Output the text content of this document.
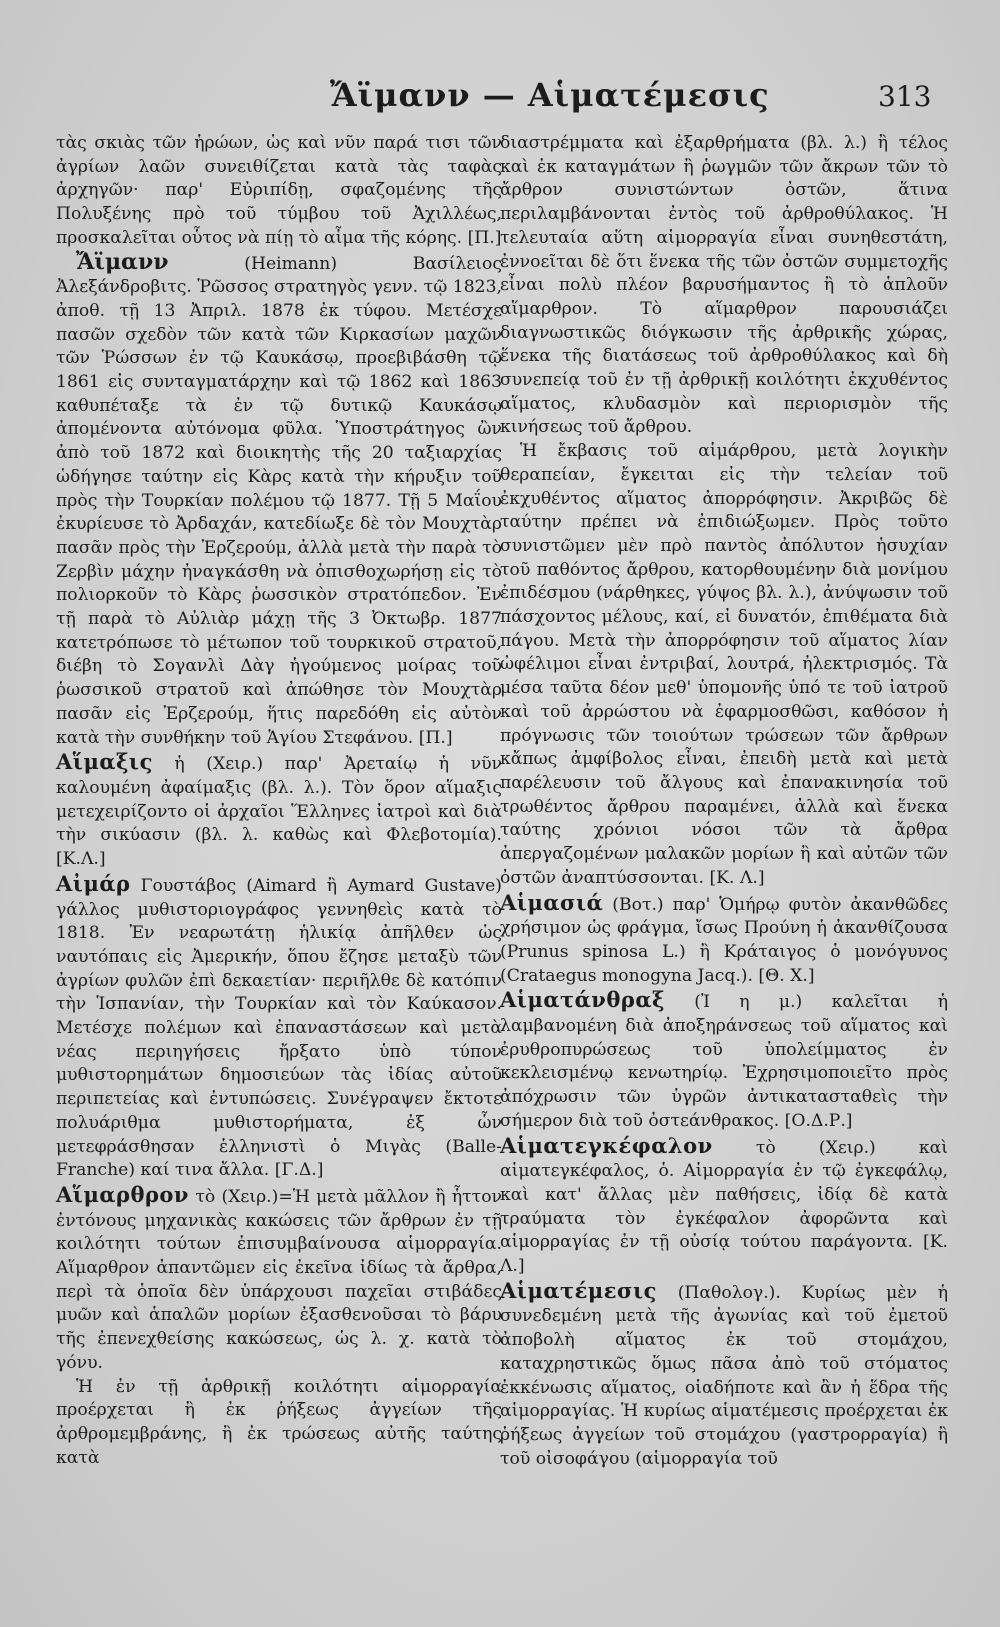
Ἄϊμανν — Αἱματέμεσις	313

τὰς σκιὰς τῶν ἡρώων, ὡς καὶ νῦν παρά τισι τῶν ἀγρίων λαῶν συνειθίζεται κατὰ τὰς ταφὰς ἀρχηγῶν· παρ' Εὐριπίδῃ, σφαζομένης τῆς Πολυξένης πρὸ τοῦ τύμβου τοῦ Ἀχιλλέως, προσκαλεῖται οὗτος νὰ πίῃ τὸ αἷμα τῆς κόρης. [Π.]

Ἄϊμανν (Heimann) Βασίλειος Ἀλεξάνδροβιτς. Ῥῶσσος στρατηγὸς γενν. τῷ 1823, ἀποθ. τῇ 13 Ἀπριλ. 1878 ἐκ τύφου. Μετέσχε πασῶν σχεδὸν τῶν κατὰ τῶν Κιρκασίων μαχῶν τῶν Ῥώσσων ἐν τῷ Καυκάσῳ, προεβιβάσθη τῷ 1861 εἰς συνταγματάρχην καὶ τῷ 1862 καὶ 1863 καθυπέταξε τὰ ἐν τῷ δυτικῷ Καυκάσῳ ἀπομένοντα αὐτόνομα φῦλα. Ὑποστράτηγος ὢν ἀπὸ τοῦ 1872 καὶ διοικητὴς τῆς 20 ταξιαρχίας ὡδήγησε ταύτην εἰς Κὰρς κατὰ τὴν κήρυξιν τοῦ πρὸς τὴν Τουρκίαν πολέμου τῷ 1877. Τῇ 5 Μαΐου ἐκυρίευσε τὸ Ἀρδαχάν, κατεδίωξε δὲ τὸν Μουχτὰρ πασᾶν πρὸς τὴν Ἐρζερούμ, ἀλλὰ μετὰ τὴν παρὰ τὸ Ζερβὶν μάχην ἠναγκάσθη νὰ ὀπισθοχωρήσῃ εἰς τὸ πολιορκοῦν τὸ Κὰρς ῥωσσικὸν στρατόπεδον. Ἐν τῇ παρὰ τὸ Αὐλιὰρ μάχῃ τῆς 3 Ὀκτωβρ. 1877 κατετρόπωσε τὸ μέτωπον τοῦ τουρκικοῦ στρατοῦ, διέβη τὸ Σογανλὶ Δὰγ ἡγούμενος μοίρας τοῦ ῥωσσικοῦ στρατοῦ καὶ ἀπώθησε τὸν Μουχτὰρ πασᾶν εἰς Ἐρζερούμ, ἥτις παρεδόθη εἰς αὐτὸν κατὰ τὴν συνθήκην τοῦ Ἁγίου Στεφάνου. [Π.]

Αἵμαξις ἡ (Χειρ.) παρ' Ἀρεταίῳ ἡ νῦν καλουμένη ἀφαίμαξις (βλ. λ.). Τὸν ὅρον αἵμαξις μετεχειρίζοντο οἱ ἀρχαῖοι Ἕλληνες ἰατροὶ καὶ διὰ τὴν σικύασιν (βλ. λ. καθὼς καὶ Φλεβοτομία). [Κ.Λ.]

Αἰμάρ Γουστάβος (Aimard ἢ Aymard Gustave) γάλλος μυθιστοριογράφος γεννηθεὶς κατὰ τὸ 1818. Ἐν νεαρωτάτῃ ἡλικίᾳ ἀπῆλθεν ὡς ναυτόπαις εἰς Ἀμερικήν, ὅπου ἔζησε μεταξὺ τῶν ἀγρίων φυλῶν ἐπὶ δεκαετίαν· περιῆλθε δὲ κατόπιν τὴν Ἱσπανίαν, τὴν Τουρκίαν καὶ τὸν Καύκασον. Μετέσχε πολέμων καὶ ἐπαναστάσεων καὶ μετὰ νέας περιηγήσεις ἤρξατο ὑπὸ τύπον μυθιστορημάτων δημοσιεύων τὰς ἰδίας αὐτοῦ περιπετείας καὶ ἐντυπώσεις. Συνέγραψεν ἔκτοτε πολυάριθμα μυθιστορήματα, ἐξ ὧν μετεφράσθησαν ἑλληνιστὶ ὁ Μιγὰς (Balle-Franche) καί τινα ἄλλα. [Γ.Δ.]

Αἵμαρθρον τὸ (Χειρ.)=Ἡ μετὰ μᾶλλον ἢ ἧττον ἐντόνους μηχανικὰς κακώσεις τῶν ἄρθρων ἐν τῇ κοιλότητι τούτων ἐπισυμβαίνουσα αἱμορραγία. Αἵμαρθρον ἀπαντῶμεν εἰς ἐκεῖνα ἰδίως τὰ ἄρθρα, περὶ τὰ ὁποῖα δὲν ὑπάρχουσι παχεῖαι στιβάδες μυῶν καὶ ἁπαλῶν μορίων ἐξασθενοῦσαι τὸ βάρυ τῆς ἐπενεχθείσης κακώσεως, ὡς λ. χ. κατὰ τὸ γόνυ.

Ἡ ἐν τῇ ἀρθρικῇ κοιλότητι αἱμορραγία προέρχεται ἢ ἐκ ῥήξεως ἀγγείων τῆς ἀρθρομεμβράνης, ἢ ἐκ τρώσεως αὐτῆς ταύτης κατὰ

διαστρέμματα καὶ ἐξαρθρήματα (βλ. λ.) ἢ τέλος καὶ ἐκ καταγμάτων ἢ ῥωγμῶν τῶν ἄκρων τῶν τὸ ἄρθρον συνιστώντων ὀστῶν, ἅτινα περιλαμβάνονται ἐντὸς τοῦ ἀρθροθύλακος. Ἡ τελευταία αὕτη αἱμορραγία εἶναι συνηθεστάτη, ἐννοεῖται δὲ ὅτι ἕνεκα τῆς τῶν ὀστῶν συμμετοχῆς εἶναι πολὺ πλέον βαρυσήμαντος ἢ τὸ ἁπλοῦν αἵμαρθρον. Τὸ αἵμαρθρον παρουσιάζει διαγνωστικῶς διόγκωσιν τῆς ἀρθρικῆς χώρας, ἕνεκα τῆς διατάσεως τοῦ ἀρθροθύλακος καὶ δὴ συνεπείᾳ τοῦ ἐν τῇ ἀρθρικῇ κοιλότητι ἐκχυθέντος αἵματος, κλυδασμὸν καὶ περιορισμὸν τῆς κινήσεως τοῦ ἄρθρου.

Ἡ ἔκβασις τοῦ αἱμάρθρου, μετὰ λογικὴν θεραπείαν, ἔγκειται εἰς τὴν τελείαν τοῦ ἐκχυθέντος αἵματος ἀπορρόφησιν. Ἀκριβῶς δὲ ταύτην πρέπει νὰ ἐπιδιώξωμεν. Πρὸς τοῦτο συνιστῶμεν μὲν πρὸ παντὸς ἀπόλυτον ἡσυχίαν τοῦ παθόντος ἄρθρου, κατορθουμένην διὰ μονίμου ἐπιδέσμου (νάρθηκες, γύψος βλ. λ.), ἀνύψωσιν τοῦ πάσχοντος μέλους, καί, εἰ δυνατόν, ἐπιθέματα διὰ πάγου. Μετὰ τὴν ἀπορρόφησιν τοῦ αἵματος λίαν ὠφέλιμοι εἶναι ἐντριβαί, λουτρά, ἠλεκτρισμός. Τὰ μέσα ταῦτα δέον μεθ' ὑπομονῆς ὑπό τε τοῦ ἰατροῦ καὶ τοῦ ἀρρώστου νὰ ἐφαρμοσθῶσι, καθόσον ἡ πρόγνωσις τῶν τοιούτων τρώσεων τῶν ἄρθρων κἄπως ἀμφίβολος εἶναι, ἐπειδὴ μετὰ καὶ μετὰ παρέλευσιν τοῦ ἄλγους καὶ ἐπανακινησία τοῦ τρωθέντος ἄρθρου παραμένει, ἀλλὰ καὶ ἕνεκα ταύτης χρόνιοι νόσοι τῶν τὰ ἄρθρα ἀπεργαζομένων μαλακῶν μορίων ἢ καὶ αὐτῶν τῶν ὀστῶν ἀναπτύσσονται. [Κ. Λ.]

Αἱμασιά (Βοτ.) παρ' Ὁμήρῳ φυτὸν ἀκανθῶδες χρήσιμον ὡς φράγμα, ἴσως Προύνη ἡ ἀκανθίζουσα (Prunus spinosa L.) ἢ Κράταιγος ὁ μονόγυνος (Crataegus monogyna Jacq.). [Θ. Χ.]

Αἱματάνθραξ (Ἰ η μ.) καλεῖται ἡ λαμβανομένη διὰ ἀποξηράνσεως τοῦ αἵματος καὶ ἐρυθροπυρώσεως τοῦ ὑπολείμματος ἐν κεκλεισμένῳ κενωτηρίῳ. Ἐχρησιμοποιεῖτο πρὸς ἀπόχρωσιν τῶν ὑγρῶν ἀντικατασταθεὶς τὴν σήμερον διὰ τοῦ ὀστεάνθρακος. [Ο.Δ.Ρ.]

Αἱματεγκέφαλον τὸ (Χειρ.) καὶ αἱματεγκέφαλος, ὁ. Αἱμορραγία ἐν τῷ ἐγκεφάλῳ, καὶ κατ' ἄλλας μὲν παθήσεις, ἰδίᾳ δὲ κατὰ τραύματα τὸν ἐγκέφαλον ἀφορῶντα καὶ αἱμορραγίας ἐν τῇ οὐσίᾳ τούτου παράγοντα. [Κ. Λ.]

Αἱματέμεσις (Παθολογ.). Κυρίως μὲν ἡ συνεδεμένη μετὰ τῆς ἀγωνίας καὶ τοῦ ἐμετοῦ ἀποβολὴ αἵματος ἐκ τοῦ στομάχου, καταχρηστικῶς ὅμως πᾶσα ἀπὸ τοῦ στόματος ἐκκένωσις αἵματος, οἱαδήποτε καὶ ἂν ἡ ἕδρα τῆς αἱμορραγίας. Ἡ κυρίως αἱματέμεσις προέρχεται ἐκ ῥήξεως ἀγγείων τοῦ στομάχου (γαστρορραγία) ἢ τοῦ οἰσοφάγου (αἱμορραγία τοῦ
